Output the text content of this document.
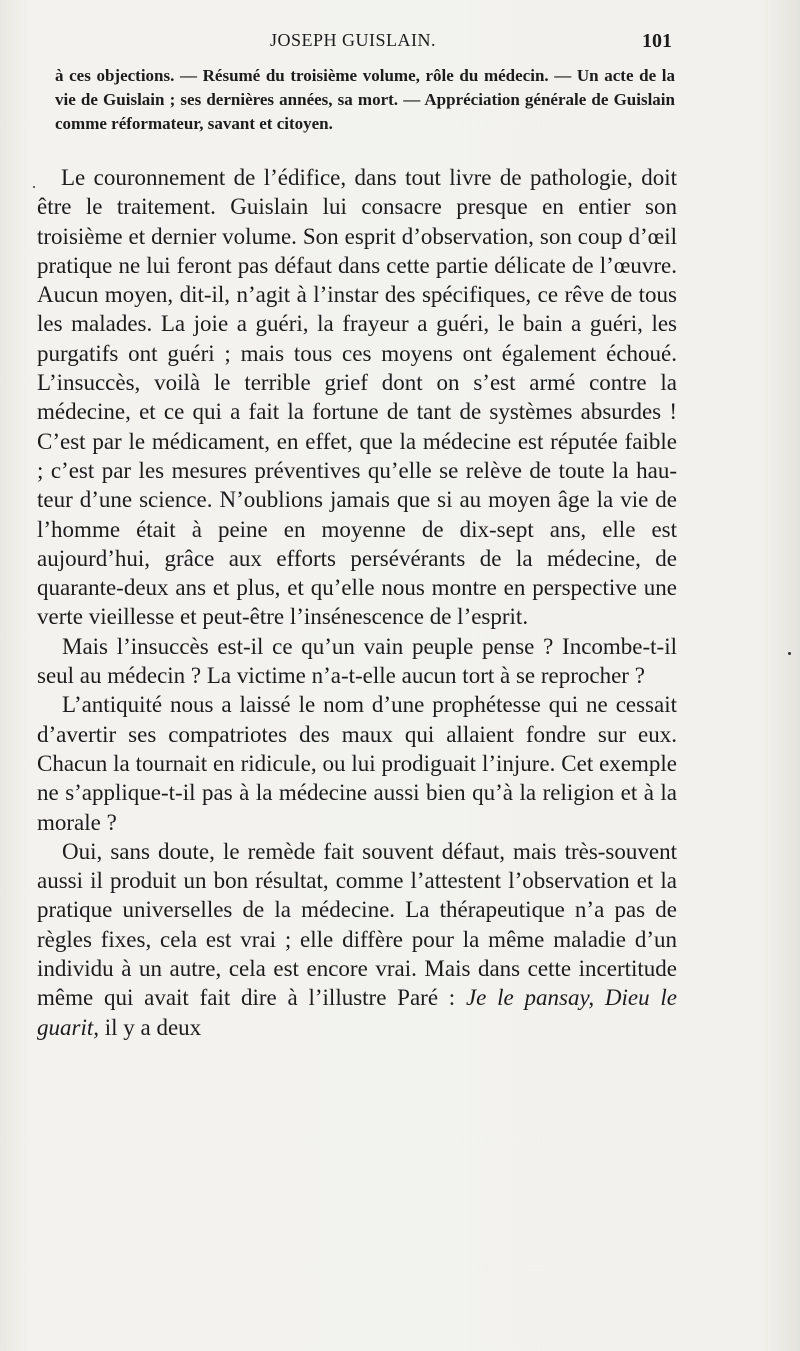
JOSEPH GUISLAIN.	101
à ces objections. — Résumé du troisième volume, rôle du médecin. — Un acte de la vie de Guislain ; ses dernières années, sa mort. — Appréciation générale de Guislain comme réformateur, savant et citoyen.

Le couronnement de l’édifice, dans tout livre de pathologie, doit être le traitement. Guislain lui consacre presque en entier son troisième et dernier volume. Son esprit d’observation, son coup d’œil pratique ne lui feront pas défaut dans cette partie délicate de l’œuvre. Aucun moyen, dit-il, n’agit à l’instar des spécifiques, ce rêve de tous les malades. La joie a guéri, la frayeur a guéri, le bain a guéri, les purgatifs ont guéri ; mais tous ces moyens ont également échoué. L’insuccès, voilà le terrible grief dont on s’est armé contre la médecine, et ce qui a fait la fortune de tant de systèmes absurdes ! C’est par le médicament, en effet, que la médecine est réputée faible ; c’est par les mesures préventives qu’elle se relève de toute la hauteur d’une science. N’oublions jamais que si au moyen âge la vie de l’homme était à peine en moyenne de dix-sept ans, elle est aujourd’hui, grâce aux efforts persévérants de la médecine, de quarante-deux ans et plus, et qu’elle nous montre en perspective une verte vieillesse et peut-être l’insénescence de l’esprit.

Mais l’insuccès est-il ce qu’un vain peuple pense ? Incombe-t-il seul au médecin ? La victime n’a-t-elle aucun tort à se reprocher ?

L’antiquité nous a laissé le nom d’une prophétesse qui ne cessait d’avertir ses compatriotes des maux qui allaient fondre sur eux. Chacun la tournait en ridicule, ou lui prodiguait l’injure. Cet exemple ne s’applique-t-il pas à la médecine aussi bien qu’à la religion et à la morale ?

Oui, sans doute, le remède fait souvent défaut, mais très-souvent aussi il produit un bon résultat, comme l’attestent l’observation et la pratique universelles de la médecine. La thérapeutique n’a pas de règles fixes, cela est vrai ; elle diffère pour la même maladie d’un individu à un autre, cela est encore vrai. Mais dans cette incertitude même qui avait fait dire à l’illustre Paré : Je le pansay, Dieu le guarit, il y a deux
